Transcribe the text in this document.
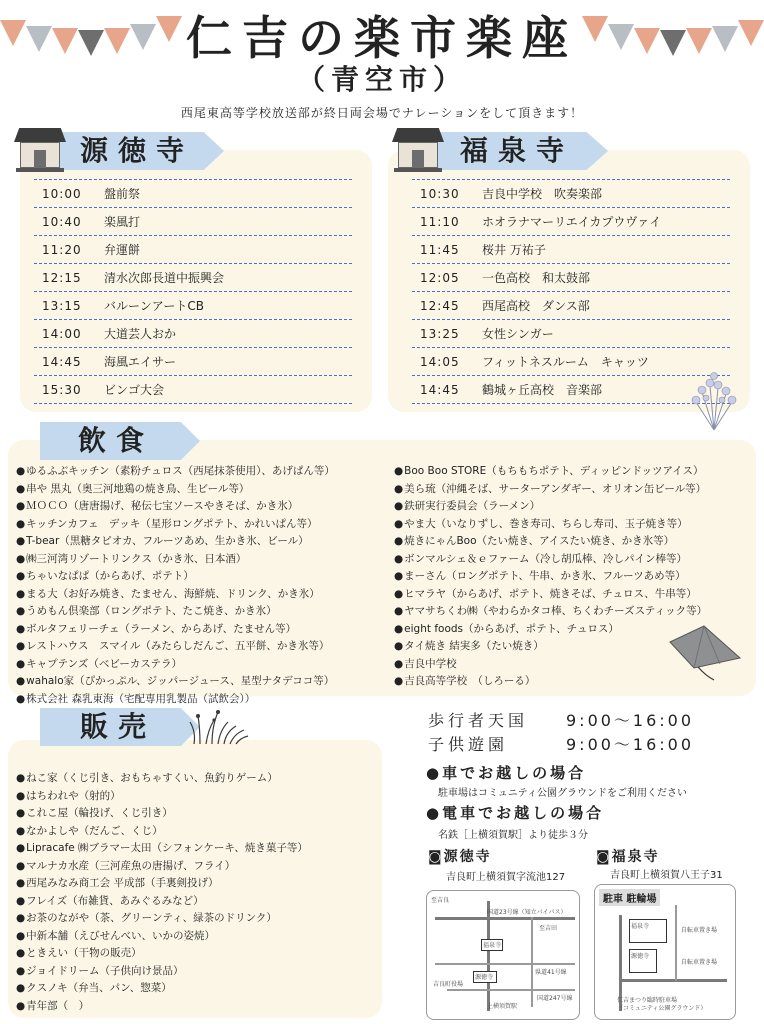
仁吉の楽市楽座
（青空市）
西尾東高等学校放送部が終日両会場でナレーションをして頂きます！
源徳寺
10:00	盤前祭
10:40	楽風打
11:20	弁運餅
12:15	清水次郎長道中振興会
13:15	バルーンアートCB
14:00	大道芸人おか
14:45	海風エイサー
15:30	ビンゴ大会
福泉寺
10:30	吉良中学校　吹奏楽部
11:10	ホオラナマーリエイカプウヴァイ
11:45	桜井 万祐子
12:05	一色高校　和太鼓部
12:45	西尾高校　ダンス部
13:25	女性シンガー
14:05	フィットネスルーム　キャッツ
14:45	鶴城ヶ丘高校　音楽部
飲食
● ゆるふぶキッチン（素粉チュロス（西尾抹茶使用）、あげぱん等）
● 串や 黒丸（奥三河地鶏の焼き鳥、生ビール等）
● ＭＯＣＯ（唐唐揚げ、秘伝七宝ソースやきそば、かき氷）
● キッチンカフェ　デッキ（星形ロングポテト、かれいぱん等）
● T-bear（黒糖タピオカ、フルーツあめ、生かき氷、ビール）
● ㈱三河湾リゾートリンクス（かき氷、日本酒）
● ちゃいなぱぱ（からあげ、ポテト）
● まる大（お好み焼き、たません、海鮮焼、ドリンク、かき氷）
● うめもん倶楽部（ロングポテト、たこ焼き、かき氷）
● ボルタフェリーチェ（ラーメン、からあげ、たません等）
● レストハウス　スマイル（みたらしだんご、五平餅、かき氷等）
● キャプテンズ（ベビーカステラ）
● wahalo家（ぴかっぷル、ジッパージュース、星型ナタデココ等）
● 株式会社 森乳東海（宅配専用乳製品（試飲会））
● Boo Boo STORE（もちもちポテト、ディッピンドッツアイス）
● 美ら琉（沖縄そば、サーターアンダギー、オリオン缶ビール等）
● 鉄研実行委員会（ラーメン）
● やま大（いなりずし、巻き寿司、ちらし寿司、玉子焼き等）
● 焼きにゃんBoo（たい焼き、アイスたい焼き、かき氷等）
● ボンマルシェ＆ｅファーム（冷し胡瓜棒、冷しパイン棒等）
● まーさん（ロングポテト、牛串、かき氷、フルーツあめ等）
● ヒマラヤ（からあげ、ポテト、焼きそば、チュロス、牛串等）
● ヤマサちくわ㈱（やわらかタコ棒、ちくわチーズスティック等）
● eight foods（からあげ、ポテト、チュロス）
● タイ焼き 結実多（たい焼き）
● 吉良中学校
● 吉良高等学校　（しろーる）
販売
● ねこ家（くじ引き、おもちゃすくい、魚釣りゲーム）
● はちわれや（射的）
● これこ屋（輪投げ、くじ引き）
● なかよしや（だんご、くじ）
● Lipracafe ㈱ブラマー太田（シフォンケーキ、焼き菓子等）
● マルナカ水産（三河産魚の唐揚げ、フライ）
● 西尾みなみ商工会 平成部（手裏剣投げ）
● フレイズ（布雑貨、あみぐるみなど）
● お茶のながや（茶、グリーンティ、緑茶のドリンク）
● 中新本舗（えびせんべい、いかの姿焼）
● ときえい（干物の販売）
● ジョイドリーム（子供向け景品）
● クスノキ（弁当、パン、惣菜）
● 青年部（　）
歩行者天国 9:00〜16:00
子供遊園	9:00〜16:00
●車でお越しの場合
駐車場はコミュニティ公園グラウンドをご利用ください
●電車でお越しの場合
名鉄［上横須賀駅］より徒歩３分
◙源徳寺
吉良町上横須賀字流池127
◙福泉寺
吉良町上横須賀八王子31
至吉良
国道23号線（知立バイパス）
至吉田
福泉寺
源徳寺
県道41号線
吉良町役場
上横須賀駅
国道247号線
駐車 駐輪場
福泉寺
自転車置き場
源徳寺
自転車置き場
仁吉まつり臨時駐車場
（コミュニティ公園グラウンド）
